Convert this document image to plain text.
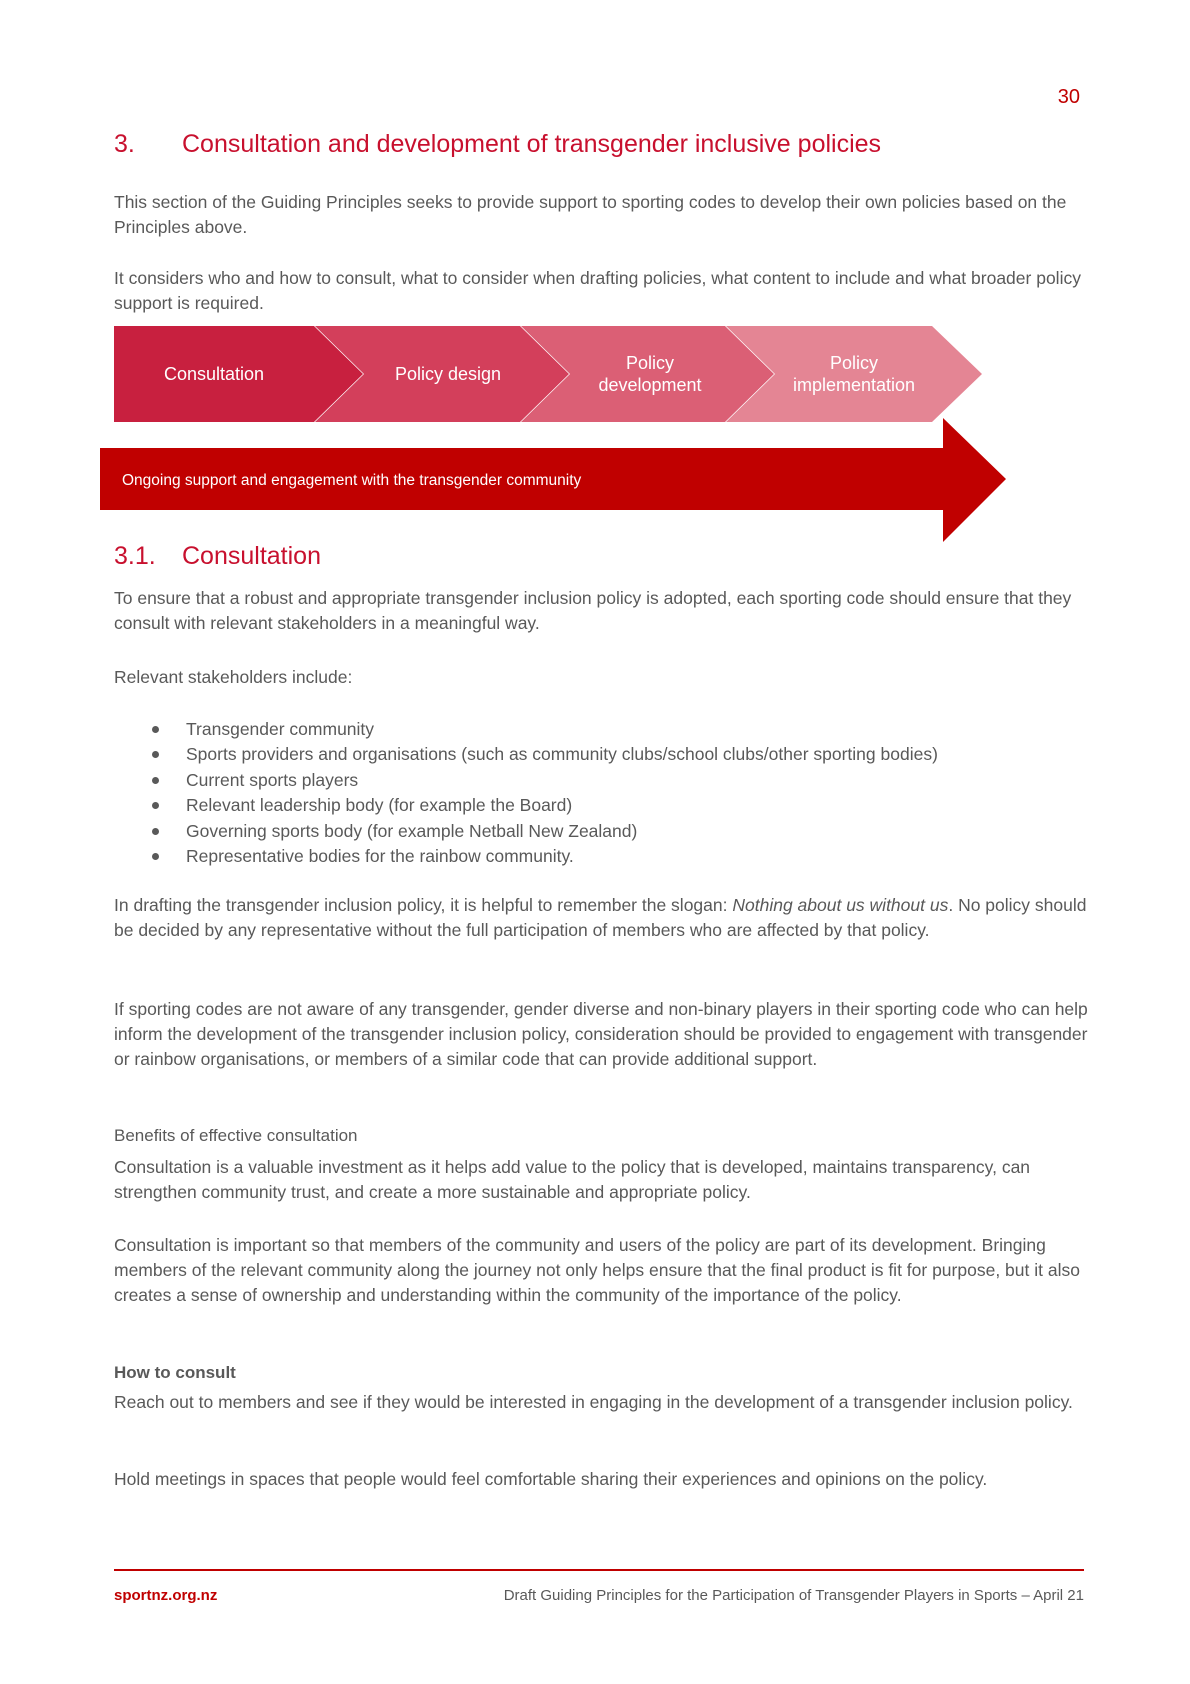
30
3. Consultation and development of transgender inclusive policies

This section of the Guiding Principles seeks to provide support to sporting codes to develop their own policies based on the Principles above.

It considers who and how to consult, what to consider when drafting policies, what content to include and what broader policy support is required.

Consultation	Policy design
Policy
development
Policy
implementation
Ongoing support and engagement with the transgender community
3.1. Consultation

To ensure that a robust and appropriate transgender inclusion policy is adopted, each sporting code should ensure that they consult with relevant stakeholders in a meaningful way.

Relevant stakeholders include:

Transgender community
Sports providers and organisations (such as community clubs/school clubs/other sporting bodies)
Current sports players
Relevant leadership body (for example the Board)
Governing sports body (for example Netball New Zealand)
Representative bodies for the rainbow community.

In drafting the transgender inclusion policy, it is helpful to remember the slogan: Nothing about us without us. No policy should be decided by any representative without the full participation of members who are affected by that policy.

If sporting codes are not aware of any transgender, gender diverse and non-binary players in their sporting code who can help inform the development of the transgender inclusion policy, consideration should be provided to engagement with transgender or rainbow organisations, or members of a similar code that can provide additional support.

Benefits of effective consultation

Consultation is a valuable investment as it helps add value to the policy that is developed, maintains transparency, can strengthen community trust, and create a more sustainable and appropriate policy.

Consultation is important so that members of the community and users of the policy are part of its development. Bringing members of the relevant community along the journey not only helps ensure that the final product is fit for purpose, but it also creates a sense of ownership and understanding within the community of the importance of the policy.

How to consult

Reach out to members and see if they would be interested in engaging in the development of a transgender inclusion policy.

Hold meetings in spaces that people would feel comfortable sharing their experiences and opinions on the policy.

sportnz.org.nz	Draft Guiding Principles for the Participation of Transgender Players in Sports – April 21
